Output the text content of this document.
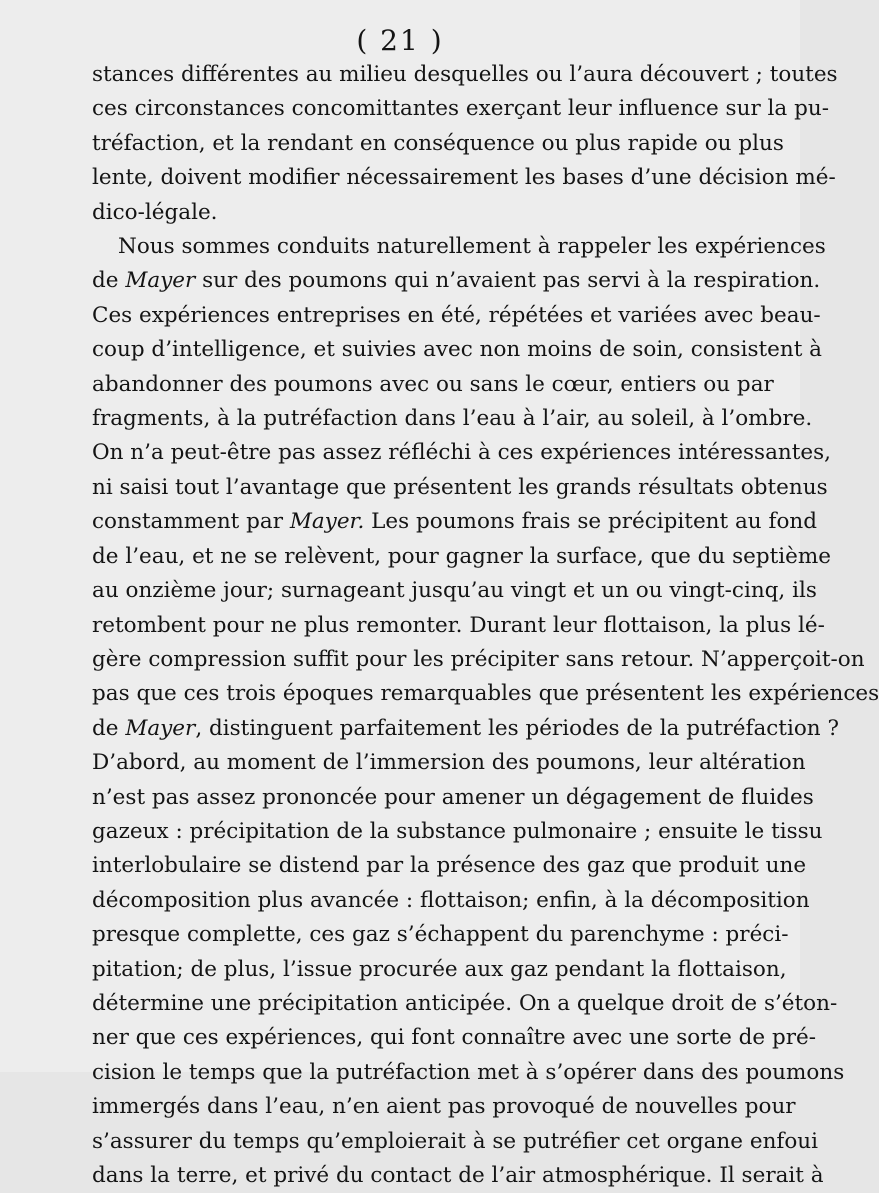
( 21 )
stances différentes au milieu desquelles ou l’aura découvert ; toutes
ces circonstances concomittantes exerçant leur influence sur la pu-
tréfaction, et la rendant en conséquence ou plus rapide ou plus
lente, doivent modifier nécessairement les bases d’une décision mé-
dico-légale.
Nous sommes conduits naturellement à rappeler les expériences
de Mayer sur des poumons qui n’avaient pas servi à la respiration.
Ces expériences entreprises en été, répétées et variées avec beau-
coup d’intelligence, et suivies avec non moins de soin, consistent à
abandonner des poumons avec ou sans le cœur, entiers ou par
fragments, à la putréfaction dans l’eau à l’air, au soleil, à l’ombre.
On n’a peut-être pas assez réfléchi à ces expériences intéressantes,
ni saisi tout l’avantage que présentent les grands résultats obtenus
constamment par Mayer. Les poumons frais se précipitent au fond
de l’eau, et ne se relèvent, pour gagner la surface, que du septième
au onzième jour; surnageant jusqu’au vingt et un ou vingt-cinq, ils
retombent pour ne plus remonter. Durant leur flottaison, la plus lé-
gère compression suffit pour les précipiter sans retour. N’apperçoit-on
pas que ces trois époques remarquables que présentent les expériences
de Mayer, distinguent parfaitement les périodes de la putréfaction ?
D’abord, au moment de l’immersion des poumons, leur altération
n’est pas assez prononcée pour amener un dégagement de fluides
gazeux : précipitation de la substance pulmonaire ; ensuite le tissu
interlobulaire se distend par la présence des gaz que produit une
décomposition plus avancée : flottaison; enfin, à la décomposition
presque complette, ces gaz s’échappent du parenchyme : préci-
pitation; de plus, l’issue procurée aux gaz pendant la flottaison,
détermine une précipitation anticipée. On a quelque droit de s’éton-
ner que ces expériences, qui font connaître avec une sorte de pré-
cision le temps que la putréfaction met à s’opérer dans des poumons
immergés dans l’eau, n’en aient pas provoqué de nouvelles pour
s’assurer du temps qu’emploierait à se putréfier cet organe enfoui
dans la terre, et privé du contact de l’air atmosphérique. Il serait à
